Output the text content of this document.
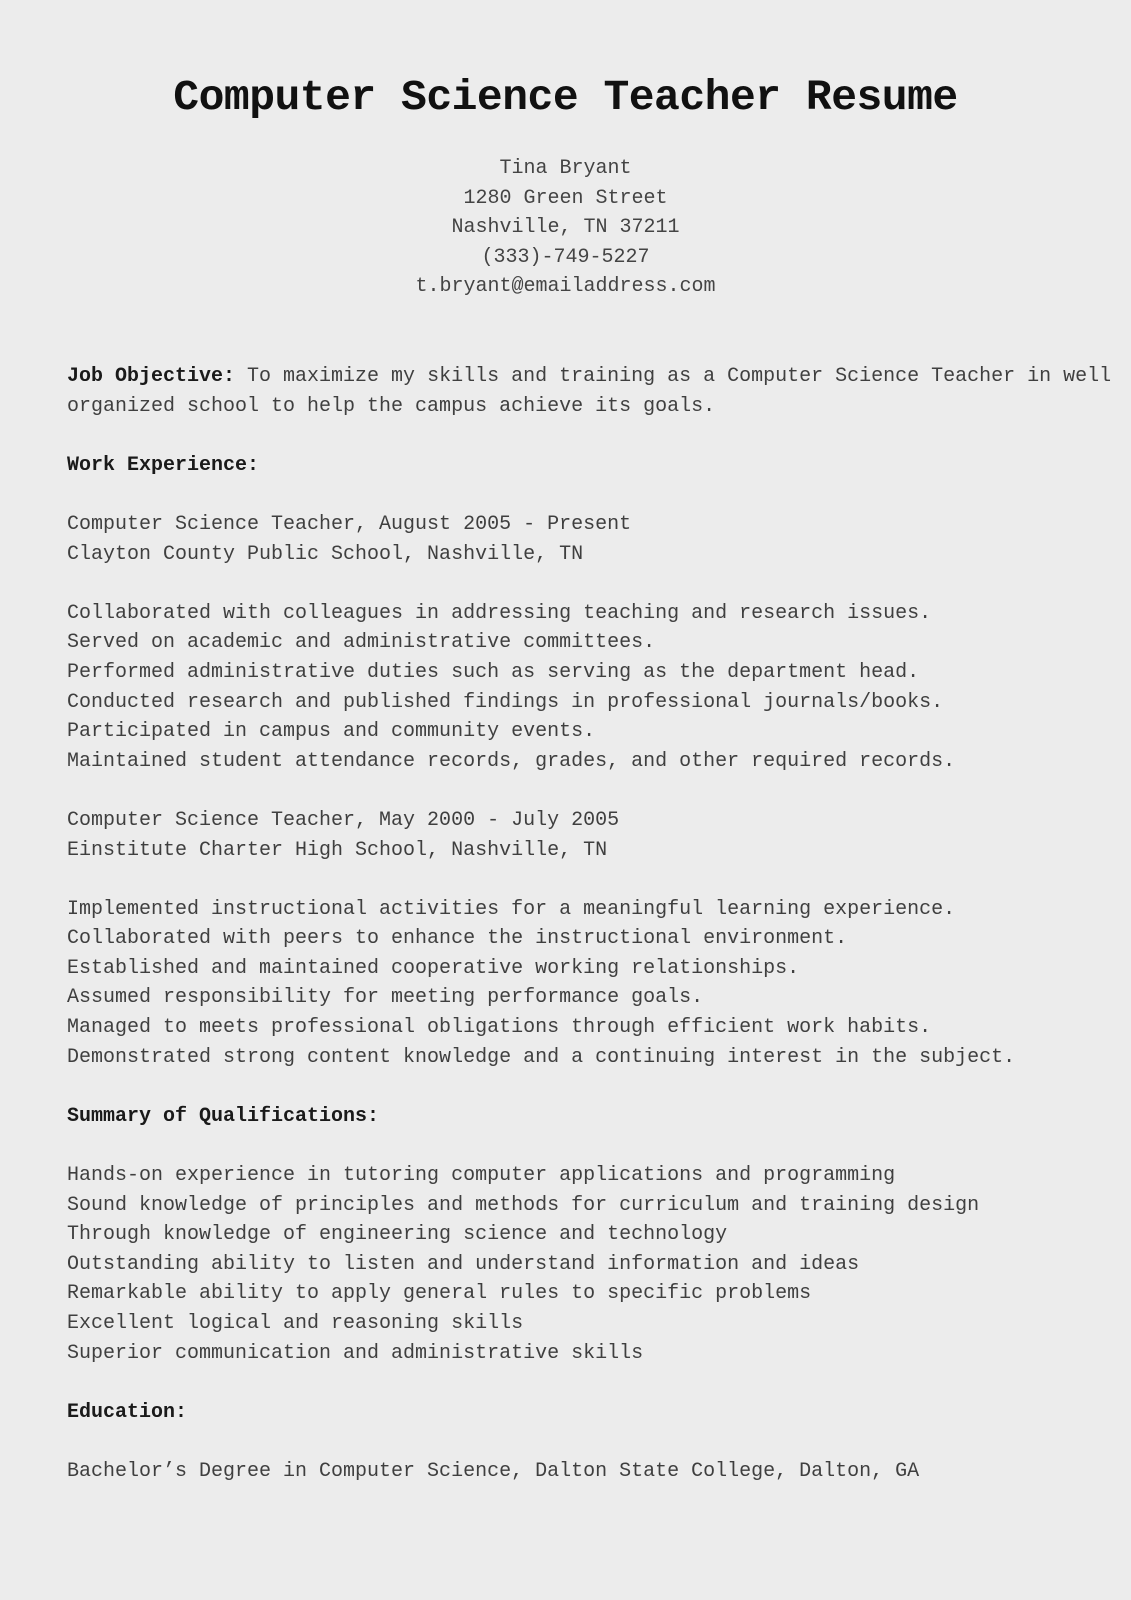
Computer Science Teacher Resume
Tina Bryant
1280 Green Street
Nashville, TN 37211
(333)-749-5227
t.bryant@emailaddress.com
Job Objective: To maximize my skills and training as a Computer Science Teacher in well
organized school to help the campus achieve its goals.
Work Experience:
Computer Science Teacher, August 2005 - Present
Clayton County Public School, Nashville, TN
Collaborated with colleagues in addressing teaching and research issues.
Served on academic and administrative committees.
Performed administrative duties such as serving as the department head.
Conducted research and published findings in professional journals/books.
Participated in campus and community events.
Maintained student attendance records, grades, and other required records.
Computer Science Teacher, May 2000 - July 2005
Einstitute Charter High School, Nashville, TN
Implemented instructional activities for a meaningful learning experience.
Collaborated with peers to enhance the instructional environment.
Established and maintained cooperative working relationships.
Assumed responsibility for meeting performance goals.
Managed to meets professional obligations through efficient work habits.
Demonstrated strong content knowledge and a continuing interest in the subject.
Summary of Qualifications:
Hands-on experience in tutoring computer applications and programming
Sound knowledge of principles and methods for curriculum and training design
Through knowledge of engineering science and technology
Outstanding ability to listen and understand information and ideas
Remarkable ability to apply general rules to specific problems
Excellent logical and reasoning skills
Superior communication and administrative skills
Education:
Bachelor’s Degree in Computer Science, Dalton State College, Dalton, GA
